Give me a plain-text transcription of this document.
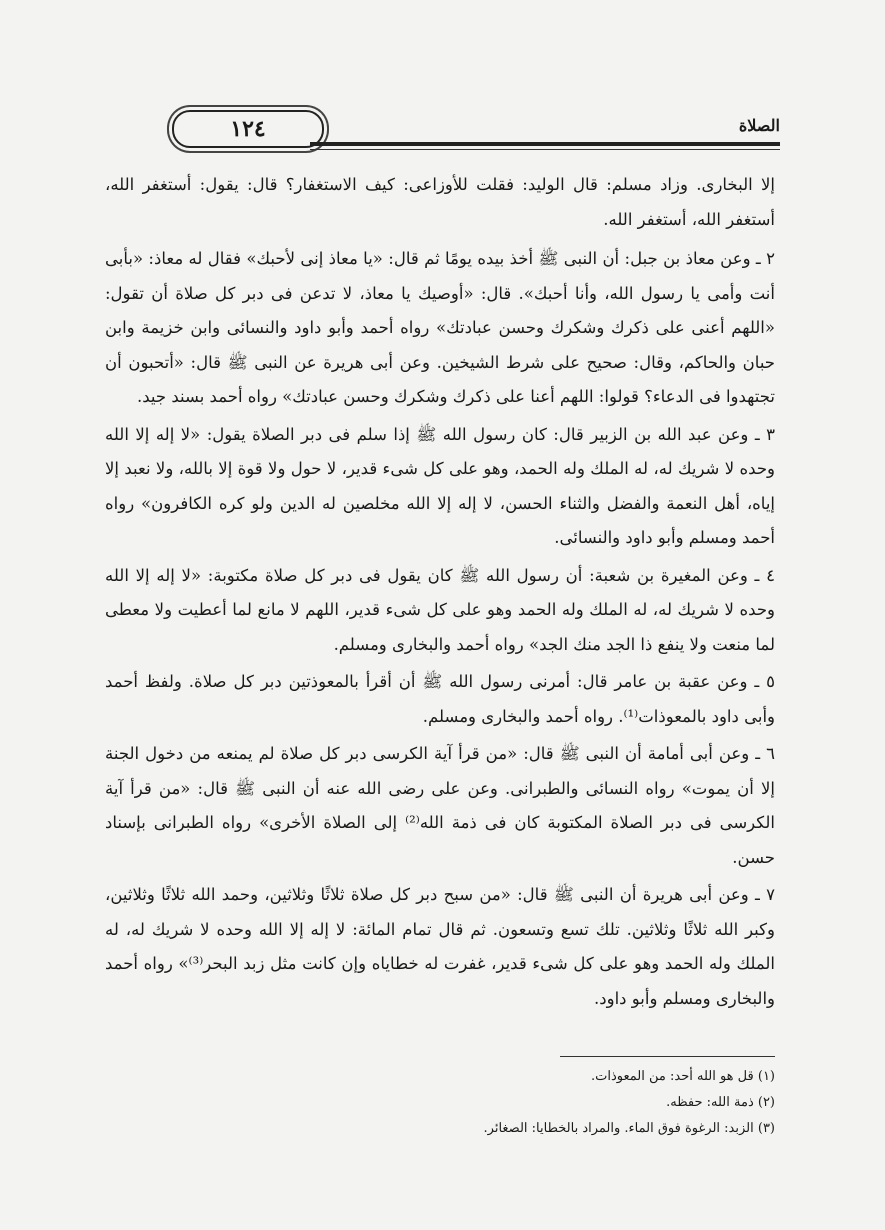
١٢٤	الصلاة

إلا البخارى. وزاد مسلم: قال الوليد: فقلت للأوزاعى: كيف الاستغفار؟ قال: يقول: أستغفر الله، أستغفر الله، أستغفر الله.

٢ ـ وعن معاذ بن جبل: أن النبى ﷺ أخذ بيده يومًا ثم قال: «يا معاذ إنى لأحبك» فقال له معاذ: «بأبى أنت وأمى يا رسول الله، وأنا أحبك». قال: «أوصيك يا معاذ، لا تدعن فى دبر كل صلاة أن تقول: «اللهم أعنى على ذكرك وشكرك وحسن عبادتك» رواه أحمد وأبو داود والنسائى وابن خزيمة وابن حبان والحاكم، وقال: صحيح على شرط الشيخين. وعن أبى هريرة عن النبى ﷺ قال: «أتحبون أن تجتهدوا فى الدعاء؟ قولوا: اللهم أعنا على ذكرك وشكرك وحسن عبادتك» رواه أحمد بسند جيد.

٣ ـ وعن عبد الله بن الزبير قال: كان رسول الله ﷺ إذا سلم فى دبر الصلاة يقول: «لا إله إلا الله وحده لا شريك له، له الملك وله الحمد، وهو على كل شىء قدير، لا حول ولا قوة إلا بالله، ولا نعبد إلا إياه، أهل النعمة والفضل والثناء الحسن، لا إله إلا الله مخلصين له الدين ولو كره الكافرون» رواه أحمد ومسلم وأبو داود والنسائى.

٤ ـ وعن المغيرة بن شعبة: أن رسول الله ﷺ كان يقول فى دبر كل صلاة مكتوبة: «لا إله إلا الله وحده لا شريك له، له الملك وله الحمد وهو على كل شىء قدير، اللهم لا مانع لما أعطيت ولا معطى لما منعت ولا ينفع ذا الجد منك الجد» رواه أحمد والبخارى ومسلم.

٥ ـ وعن عقبة بن عامر قال: أمرنى رسول الله ﷺ أن أقرأ بالمعوذتين دبر كل صلاة. ولفظ أحمد وأبى داود بالمعوذات⁽¹⁾. رواه أحمد والبخارى ومسلم.

٦ ـ وعن أبى أمامة أن النبى ﷺ قال: «من قرأ آية الكرسى دبر كل صلاة لم يمنعه من دخول الجنة إلا أن يموت» رواه النسائى والطبرانى. وعن على رضى الله عنه أن النبى ﷺ قال: «من قرأ آية الكرسى فى دبر الصلاة المكتوبة كان فى ذمة الله⁽²⁾ إلى الصلاة الأخرى» رواه الطبرانى بإسناد حسن.

٧ ـ وعن أبى هريرة أن النبى ﷺ قال: «من سبح دبر كل صلاة ثلاثًا وثلاثين، وحمد الله ثلاثًا وثلاثين، وكبر الله ثلاثًا وثلاثين. تلك تسع وتسعون. ثم قال تمام المائة: لا إله إلا الله وحده لا شريك له، له الملك وله الحمد وهو على كل شىء قدير، غفرت له خطاياه وإن كانت مثل زبد البحر⁽³⁾» رواه أحمد والبخارى ومسلم وأبو داود.

(١) قل هو الله أحد: من المعوذات.
(٢) ذمة الله: حفظه.
(٣) الزبد: الرغوة فوق الماء. والمراد بالخطايا: الصغائر.
